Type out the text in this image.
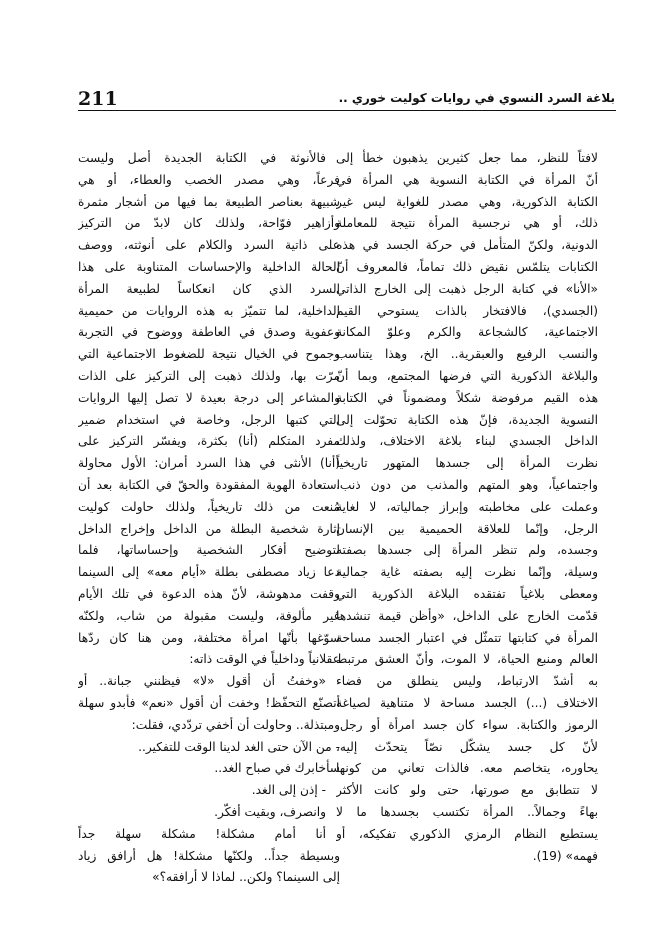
211	بلاغة السرد النسوي في روايات كوليت خوري ..

لافتاً للنظر، مما جعل كثيرين يذهبون خطأ إلى
أنّ المرأة في الكتابة النسوية هي المرأة في
الكتابة الذكورية، وهي مصدر للغواية ليس غير
ذلك، أو هي نرجسية المرأة نتيجة للمعاملة
الدونية، ولكنّ المتأمل في حركة الجسد في هذه
الكتابات يتلمّس نقيض ذلك تماماً، فالمعروف أنّ
«الأنا» في كتابة الرجل ذهبت إلى الخارج الذاتي
(الجسدي)، فالافتخار بالذات يستوحي القيم
الاجتماعية، كالشجاعة والكرم وعلوّ المكانة
والنسب الرفيع والعبقرية.. الخ، وهذا يتناسب
والبلاغة الذكورية التي فرضها المجتمع، وبما أنّ
هذه القيم مرفوضة شكلاً ومضموناً في الكتابة
النسوية الجديدة، فإنّ هذه الكتابة تحوّلت إلى
الداخل الجسدي لبناء بلاغة الاختلاف، ولذلك
نظرت المرأة إلى جسدها المتهور تاريخياً
واجتماعياً، وهو المتهم والمذنب من دون ذنب،
وعملت على مخاطبته وإبراز جمالياته، لا لغاية
الرجل، وإنّما للعلاقة الحميمية بين الإنسان
وجسده، ولم تنظر المرأة إلى جسدها بصفته
وسيلة، وإنّما نظرت إليه بصفته غاية جمالية
ومعطى بلاغياً تفتقده البلاغة الذكورية التي
قدّمت الخارج على الداخل، «وأظن قيمة تنشدها
المرأة في كتابتها تتمثّل في اعتبار الجسد مساحة
العالم ومنبع الحياة، لا الموت، وأنّ العشق مرتبط
به أشدّ الارتباط، وليس ينطلق من فضاء
الاختلاف (...) الجسد مساحة لا متناهية لصياغة
الرموز والكتابة. سواء كان جسد امرأة أو رجل.
لأنّ كل جسد يشكّل نصّاً يتحدّث إليه،
يحاوره، يتخاصم معه. فالذات تعاني من كونها
لا تتطابق مع صورتها، حتى ولو كانت الأكثر
بهاءً وجمالاً.. المرأة تكتسب بجسدها ما لا
يستطيع النظام الرمزي الذكوري تفكيكه، أو
فهمه» (19).

فالأنوثة في الكتابة الجديدة أصل وليست
فرعاً، وهي مصدر الخصب والعطاء، أو هي
شبيهة بعناصر الطبيعة بما فيها من أشجار مثمرة
وأزاهير فوّاحة، ولذلك كان لابدّ من التركيز
على ذاتية السرد والكلام على أنوثته، ووصف
الحالة الداخلية والإحساسات المتناوبة على هذا
السرد الذي كان انعكاساً لطبيعة المرأة
الداخلية، لما تتميّز به هذه الروايات من حميمية
وعفوية وصدق في العاطفة ووضوح في التجربة
وجموح في الخيال نتيجة للضغوط الاجتماعية التي
مرّت بها، ولذلك ذهبت إلى التركيز على الذات
والمشاعر إلى درجة بعيدة لا تصل إليها الروايات
التي كتبها الرجل، وخاصة في استخدام ضمير
مفرد المتكلم (أنا) بكثرة، ويفسّر التركيز على
(أنا) الأنثى في هذا السرد أمران: الأول محاولة
استعادة الهوية المفقودة والحقّ في الكتابة بعد أن
مُنعت من ذلك تاريخياً، ولذلك حاولت كوليت
إثارة شخصية البطلة من الداخل وإخراج الداخل
لتوضيح أفكار الشخصية وإحساساتها، فلما
دعا زياد مصطفى بطلة «أيام معه» إلى السينما
وقفت مدهوشة، لأنّ هذه الدعوة في تلك الأيام
غير مألوفة، وليست مقبولة من شاب، ولكنّه
سوّغها بأنّها امرأة مختلفة، ومن هنا كان ردّها
عقلانياً وداخلياً في الوقت ذاته:

«وخفتُ أن أقول «لا» فيظنني جبانة.. أو
أتصنّع التحفّظ! وخفت أن أقول «نعم» فأبدو سهلة
ومبتذلة.. وحاولت أن أخفي تردّدي، فقلت:
- من الآن حتى الغد لدينا الوقت للتفكير..
سأخابرك في صباح الغد..
- إذن إلى الغد.
وانصرف، وبقيت أفكّر.
أنا أمام مشكلة! مشكلة سهلة جداً
وبسيطة جداً.. ولكنّها مشكلة! هل أرافق زياد
إلى السينما؟ ولكن.. لماذا لا أرافقه؟»
